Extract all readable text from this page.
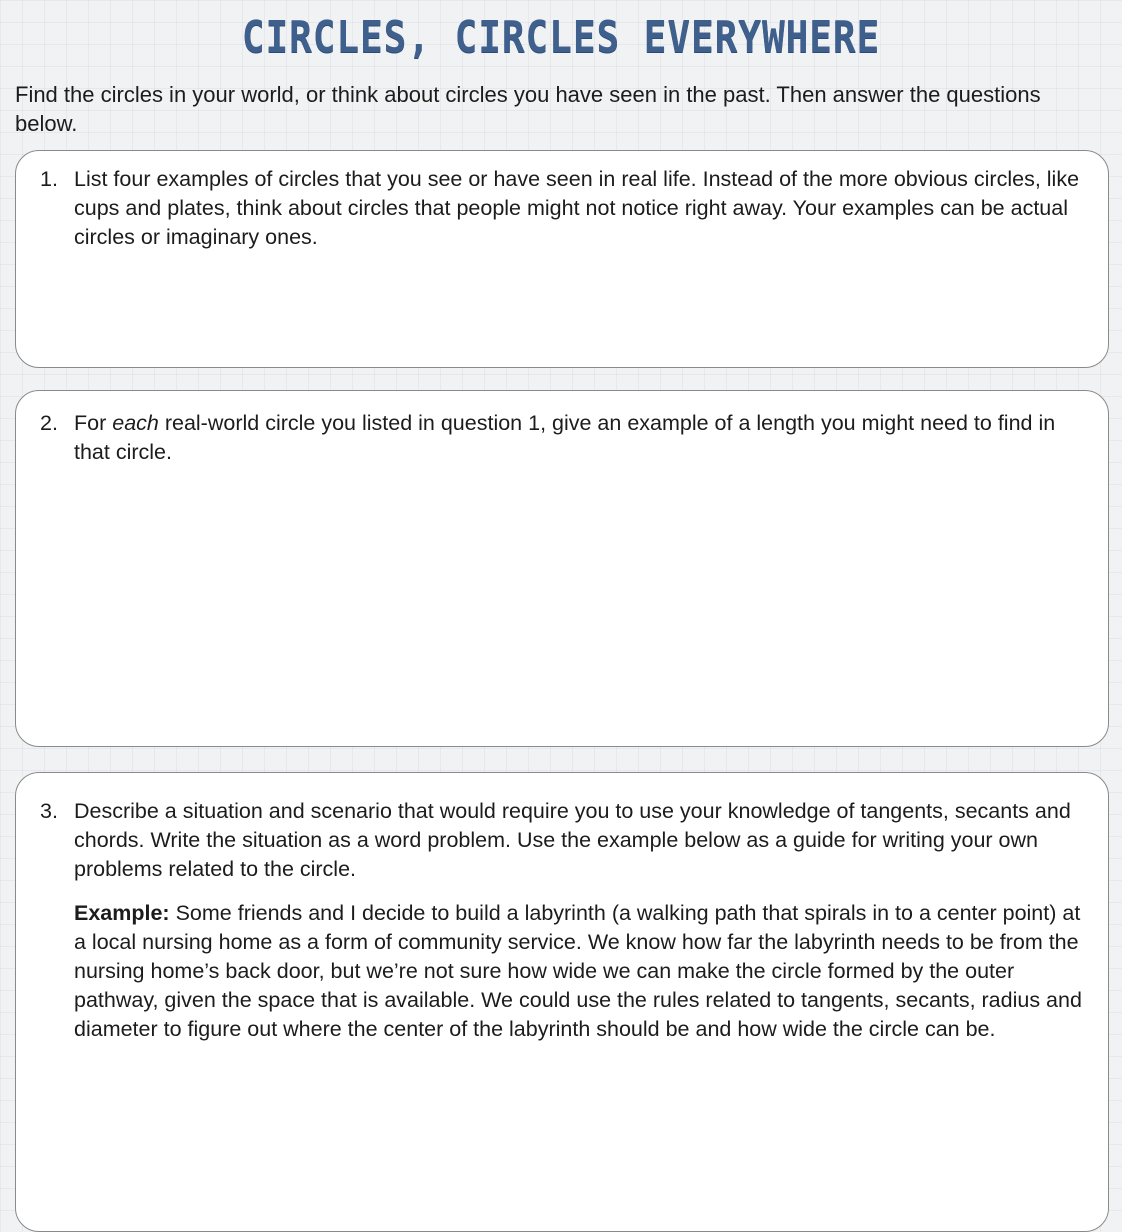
CIRCLES, CIRCLES EVERYWHERE
Find the circles in your world, or think about circles you have seen in the past. Then answer the questions below.
1. List four examples of circles that you see or have seen in real life. Instead of the more obvious circles, like cups and plates, think about circles that people might not notice right away. Your examples can be actual circles or imaginary ones.
2. For each real-world circle you listed in question 1, give an example of a length you might need to find in that circle.
3. Describe a situation and scenario that would require you to use your knowledge of tangents, secants and chords. Write the situation as a word problem. Use the example below as a guide for writing your own problems related to the circle.
Example: Some friends and I decide to build a labyrinth (a walking path that spirals in to a center point) at a local nursing home as a form of community service. We know how far the labyrinth needs to be from the nursing home’s back door, but we’re not sure how wide we can make the circle formed by the outer pathway, given the space that is available. We could use the rules related to tangents, secants, radius and diameter to figure out where the center of the labyrinth should be and how wide the circle can be.
